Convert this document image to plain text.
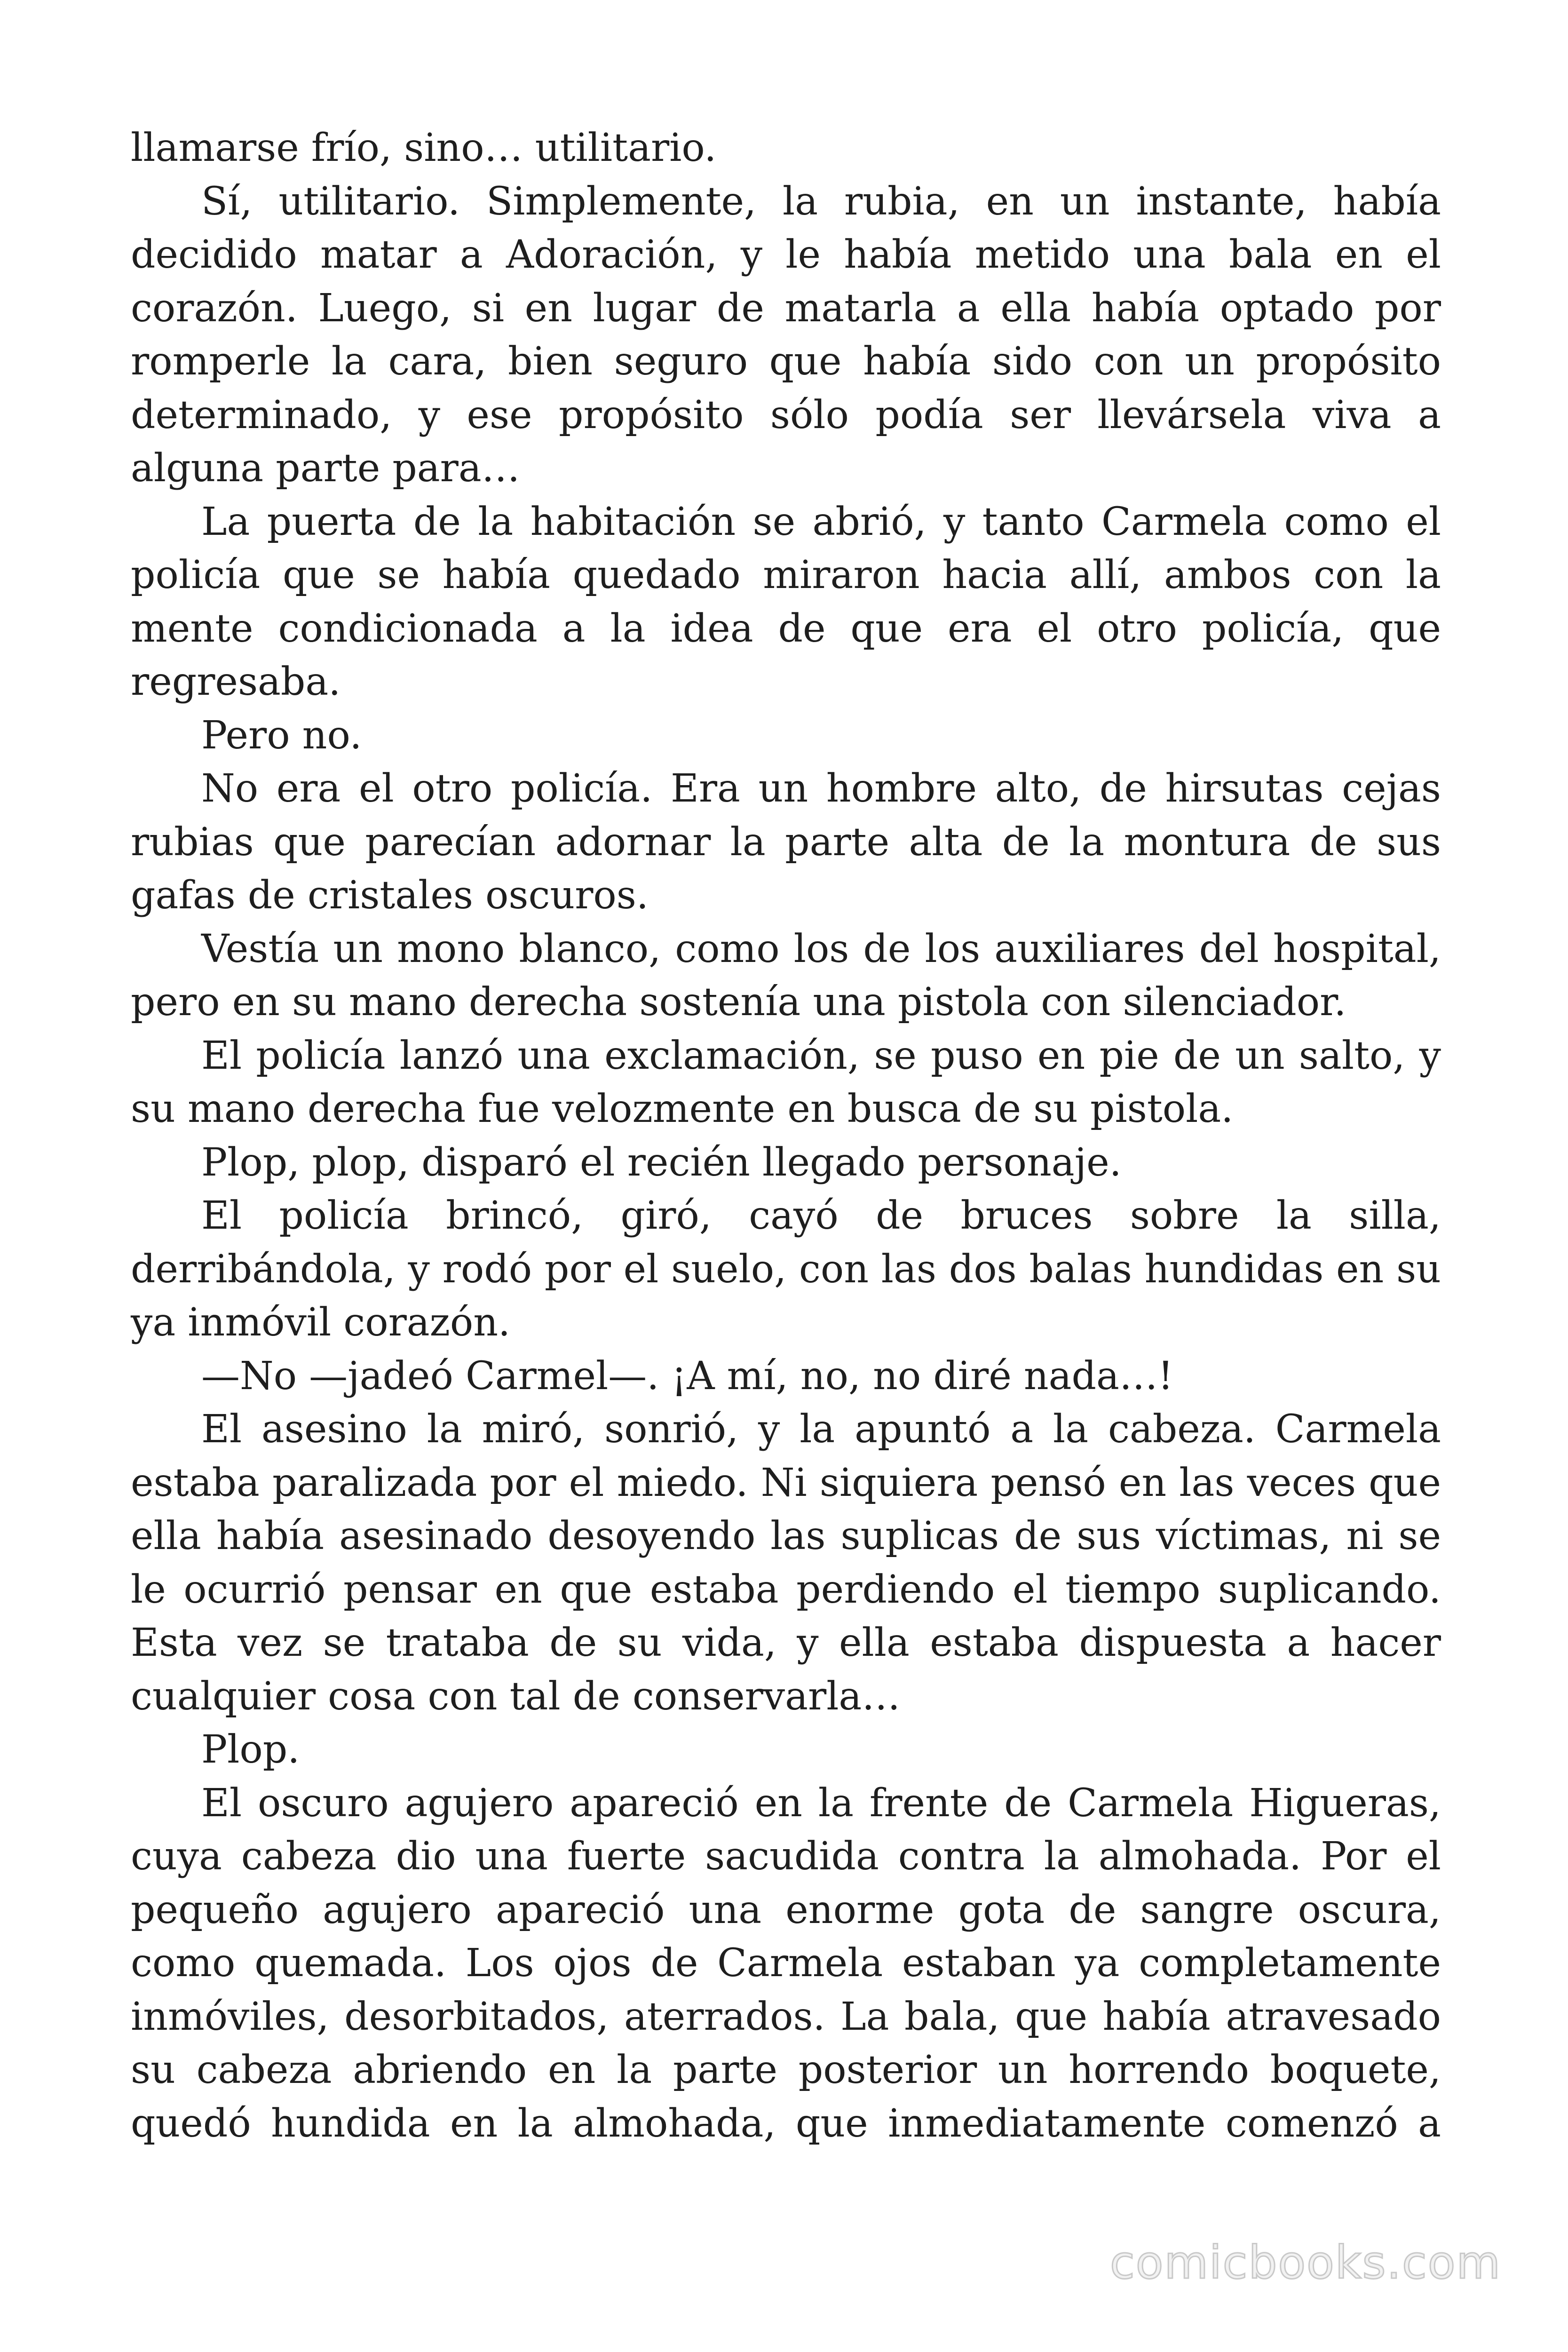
llamarse frío, sino… utilitario.

Sí, utilitario. Simplemente, la rubia, en un instante, había decidido matar a Adoración, y le había metido una bala en el corazón. Luego, si en lugar de matarla a ella había optado por romperle la cara, bien seguro que había sido con un propósito determinado, y ese propósito sólo podía ser llevársela viva a alguna parte para…

La puerta de la habitación se abrió, y tanto Carmela como el policía que se había quedado miraron hacia allí, ambos con la mente condicionada a la idea de que era el otro policía, que regresaba.

Pero no.

No era el otro policía. Era un hombre alto, de hirsutas cejas rubias que parecían adornar la parte alta de la montura de sus gafas de cristales oscuros.

Vestía un mono blanco, como los de los auxiliares del hospital, pero en su mano derecha sostenía una pistola con silenciador.

El policía lanzó una exclamación, se puso en pie de un salto, y su mano derecha fue velozmente en busca de su pistola.

Plop, plop, disparó el recién llegado personaje.

El policía brincó, giró, cayó de bruces sobre la silla, derribándola, y rodó por el suelo, con las dos balas hundidas en su ya inmóvil corazón.

—No —jadeó Carmel—. ¡A mí, no, no diré nada…!

El asesino la miró, sonrió, y la apuntó a la cabeza. Carmela estaba paralizada por el miedo. Ni siquiera pensó en las veces que ella había asesinado desoyendo las suplicas de sus víctimas, ni se le ocurrió pensar en que estaba perdiendo el tiempo suplicando. Esta vez se trataba de su vida, y ella estaba dispuesta a hacer cualquier cosa con tal de conservarla…

Plop.

El oscuro agujero apareció en la frente de Carmela Higueras, cuya cabeza dio una fuerte sacudida contra la almohada. Por el pequeño agujero apareció una enorme gota de sangre oscura, como quemada. Los ojos de Carmela estaban ya completamente inmóviles, desorbitados, aterrados. La bala, que había atravesado su cabeza abriendo en la parte posterior un horrendo boquete, quedó hundida en la almohada, que inmediatamente comenzó a

comicbooks.com
